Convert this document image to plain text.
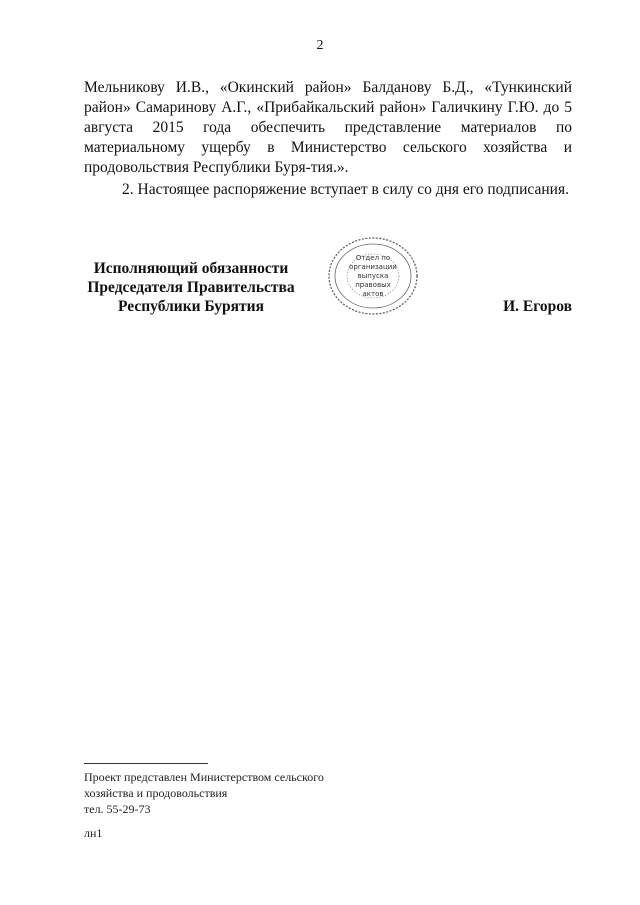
2

Мельникову И.В., «Окинский район» Балданову Б.Д., «Тункинский район» Самаринову А.Г., «Прибайкальский район» Галичкину Г.Ю. до 5 августа 2015 года обеспечить представление материалов по материальному ущербу в Министерство сельского хозяйства и продовольствия Республики Буря-тия.».

2. Настоящее распоряжение вступает в силу со дня его подписания.

Исполняющий обязанности
Председателя Правительства
Республики Бурятия
Отдел по
организации
выпуска
правовых
актов
И. Егоров
Проект представлен Министерством сельского
хозяйства и продовольствия
тел. 55-29-73
лн1
